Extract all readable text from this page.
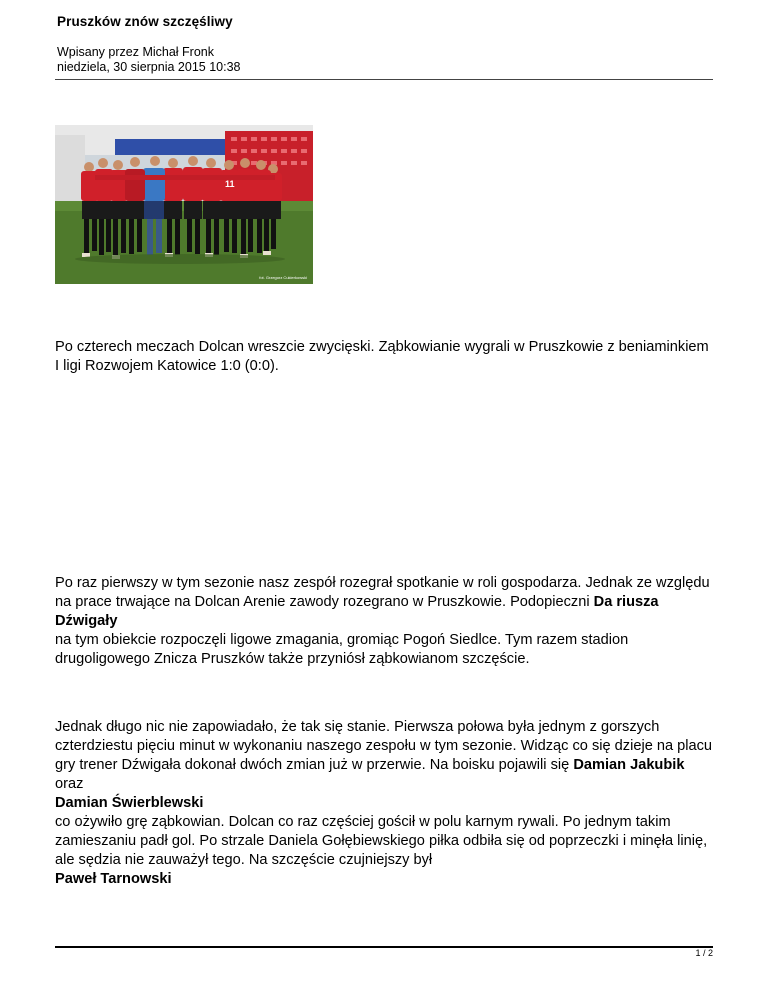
Pruszków znów szczęśliwy
Wpisany przez Michał Fronk
niedziela, 30 sierpnia 2015 10:38
11
fot. Grzegorz Cukierkowski
Po czterech meczach Dolcan wreszcie zwycięski. Ząbkowianie wygrali w Pruszkowie z beniaminkiem I ligi Rozwojem Katowice 1:0 (0:0).
Po raz pierwszy w tym sezonie nasz zespół rozegrał spotkanie w roli gospodarza. Jednak ze względu na prace trwające na Dolcan Arenie zawody rozegrano w Pruszkowie. Podopieczni Da riusza Dźwigały
na tym obiekcie rozpoczęli ligowe zmagania, gromiąc Pogoń Siedlce. Tym razem stadion drugoligowego Znicza Pruszków także przyniósł ząbkowianom szczęście.
Jednak długo nic nie zapowiadało, że tak się stanie. Pierwsza połowa była jednym z gorszych czterdziestu pięciu minut w wykonaniu naszego zespołu w tym sezonie. Widząc co się dzieje na placu gry trener Dźwigała dokonał dwóch zmian już w przerwie. Na boisku pojawili się Damian Jakubik
oraz
Damian Świerblewski
co ożywiło grę ząbkowian. Dolcan co raz częściej gościł w polu karnym rywali. Po jednym takim zamieszaniu padł gol. Po strzale Daniela Gołębiewskiego piłka odbiła się od poprzeczki i minęła linię, ale sędzia nie zauważył tego. Na szczęście czujniejszy był
Paweł Tarnowski
1 / 2
